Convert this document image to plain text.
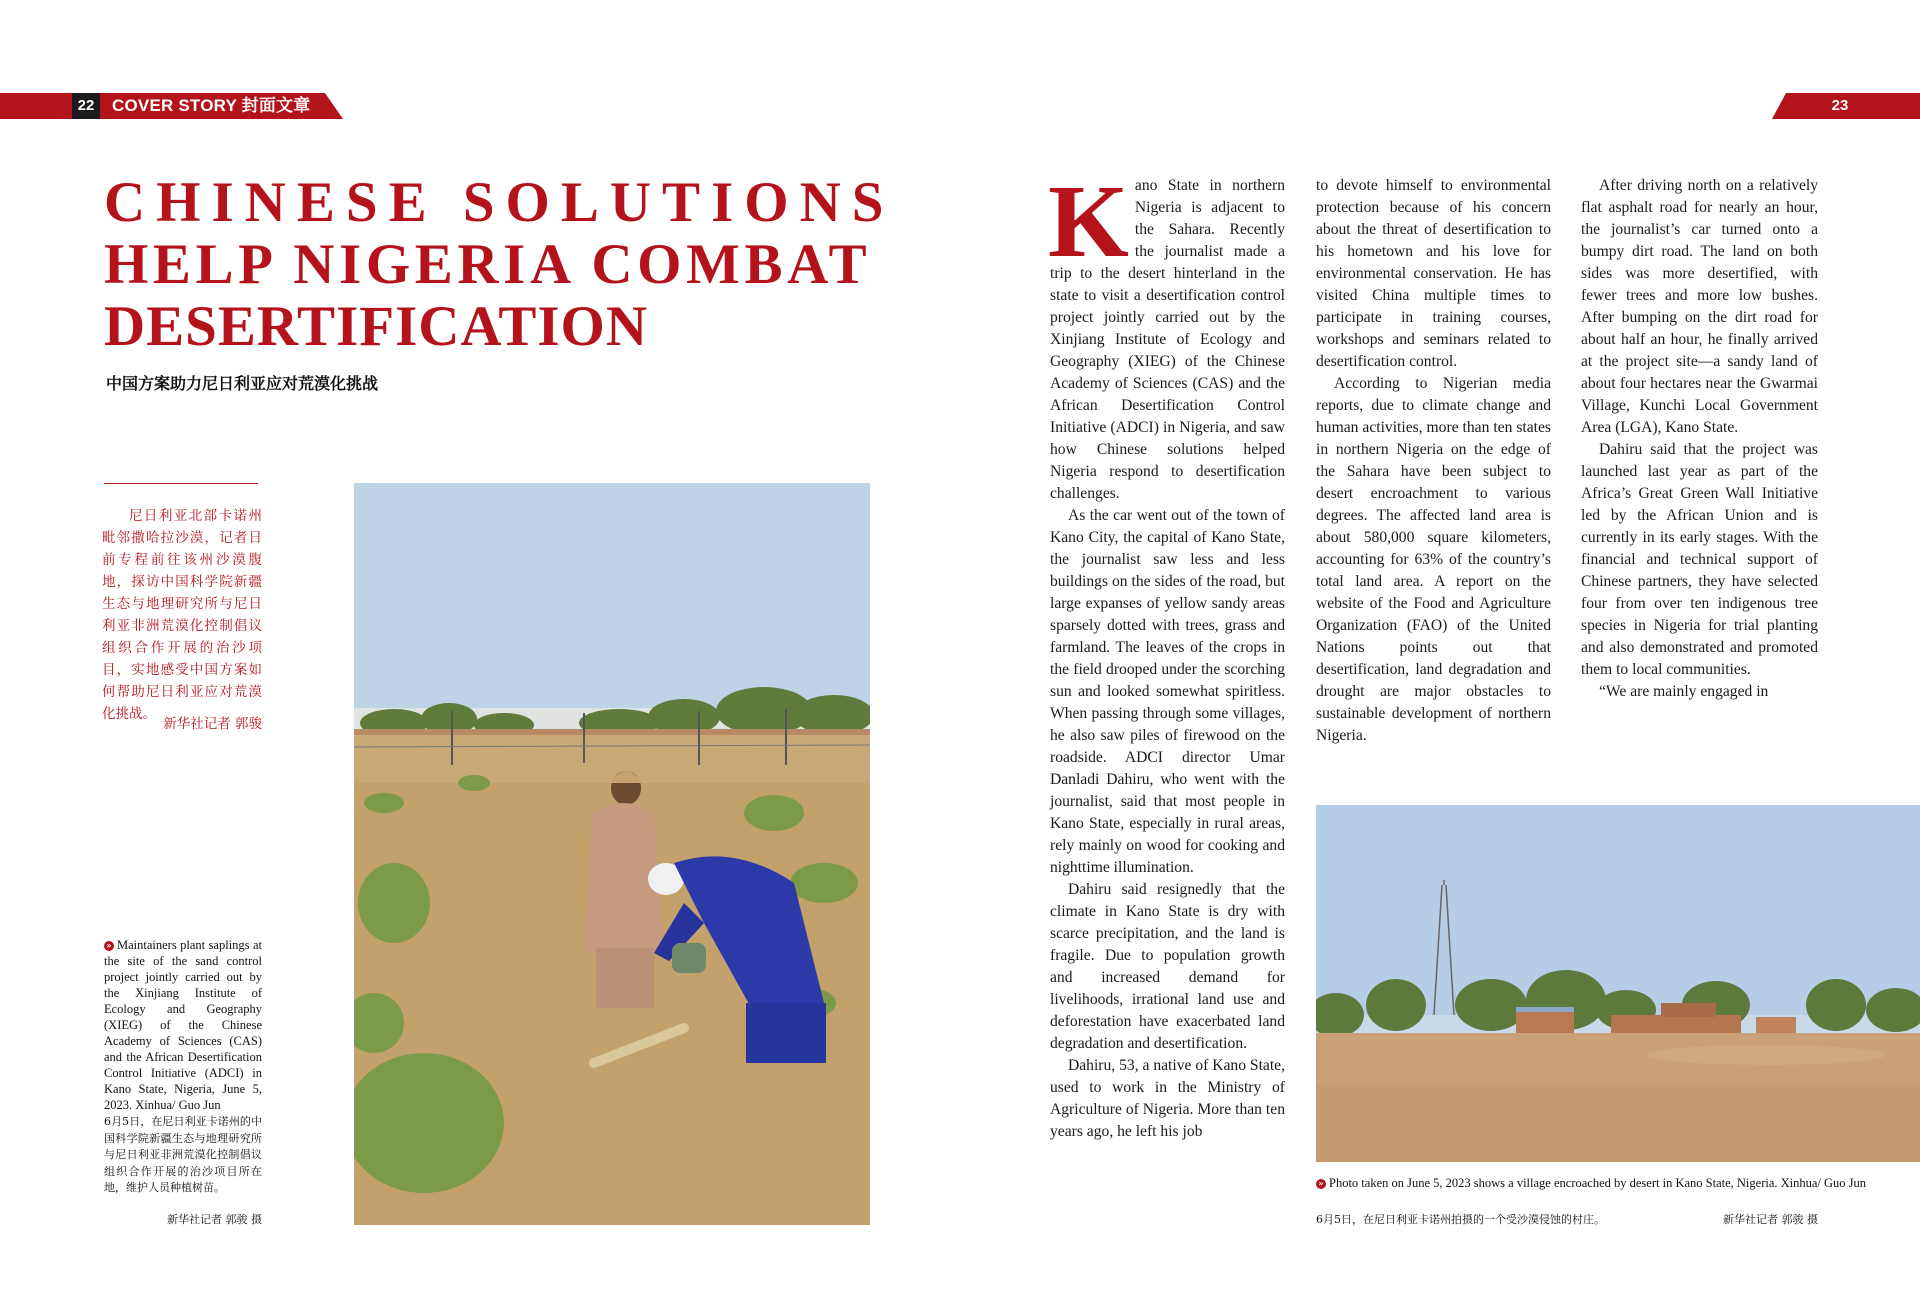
22	COVER STORY 封面文章	23
CHINESE SOLUTIONS
HELP NIGERIA COMBAT
DESERTIFICATION
中国方案助力尼日利亚应对荒漠化挑战
尼日利亚北部卡诺州毗邻撒哈拉沙漠，记者日前专程前往该州沙漠腹地，探访中国科学院新疆生态与地理研究所与尼日利亚非洲荒漠化控制倡议组织合作开展的治沙项目，实地感受中国方案如何帮助尼日利亚应对荒漠化挑战。
新华社记者 郭骏
» Maintainers plant saplings at the site of the sand control project jointly carried out by the Xinjiang Institute of Ecology and Geography (XIEG) of the Chinese Academy of Sciences (CAS) and the African Desertification Control Initiative (ADCI) in Kano State, Nigeria, June 5, 2023. Xinhua/ Guo Jun
6月5日，在尼日利亚卡诺州的中国科学院新疆生态与地理研究所与尼日利亚非洲荒漠化控制倡议组织合作开展的治沙项目所在地，维护人员种植树苗。
新华社记者 郭骏 摄

Kano State in northern Nigeria is adjacent to the Sahara. Recently the journalist made a trip to the desert hinterland in the state to visit a desertification control project jointly carried out by the Xinjiang Institute of Ecology and Geography (XIEG) of the Chinese Academy of Sciences (CAS) and the African Desertification Control Initiative (ADCI) in Nigeria, and saw how Chinese solutions helped Nigeria respond to desertification challenges.

As the car went out of the town of Kano City, the capital of Kano State, the journalist saw less and less buildings on the sides of the road, but large expanses of yellow sandy areas sparsely dotted with trees, grass and farmland. The leaves of the crops in the field drooped under the scorching sun and looked somewhat spiritless. When passing through some villages, he also saw piles of firewood on the roadside. ADCI director Umar Danladi Dahiru, who went with the journalist, said that most people in Kano State, especially in rural areas, rely mainly on wood for cooking and nighttime illumination.

Dahiru said resignedly that the climate in Kano State is dry with scarce precipitation, and the land is fragile. Due to population growth and increased demand for livelihoods, irrational land use and deforestation have exacerbated land degradation and desertification.

Dahiru, 53, a native of Kano State, used to work in the Ministry of Agriculture of Nigeria. More than ten years ago, he left his job

to devote himself to environmental protection because of his concern about the threat of desertification to his hometown and his love for environmental conservation. He has visited China multiple times to participate in training courses, workshops and seminars related to desertification control.

According to Nigerian media reports, due to climate change and human activities, more than ten states in northern Nigeria on the edge of the Sahara have been subject to desert encroachment to various degrees. The affected land area is about 580,000 square kilometers, accounting for 63% of the country’s total land area. A report on the website of the Food and Agriculture Organization (FAO) of the United Nations points out that desertification, land degradation and drought are major obstacles to sustainable development of northern Nigeria.

After driving north on a relatively flat asphalt road for nearly an hour, the journalist’s car turned onto a bumpy dirt road. The land on both sides was more desertified, with fewer trees and more low bushes. After bumping on the dirt road for about half an hour, he finally arrived at the project site—a sandy land of about four hectares near the Gwarmai Village, Kunchi Local Government Area (LGA), Kano State.

Dahiru said that the project was launched last year as part of the Africa’s Great Green Wall Initiative led by the African Union and is currently in its early stages. With the financial and technical support of Chinese partners, they have selected four from over ten indigenous tree species in Nigeria for trial planting and also demonstrated and promoted them to local communities.

“We are mainly engaged in

» Photo taken on June 5, 2023 shows a village encroached by desert in Kano State, Nigeria. Xinhua/ Guo Jun
6月5日，在尼日利亚卡诺州拍摄的一个受沙漠侵蚀的村庄。	新华社记者 郭骏 摄
